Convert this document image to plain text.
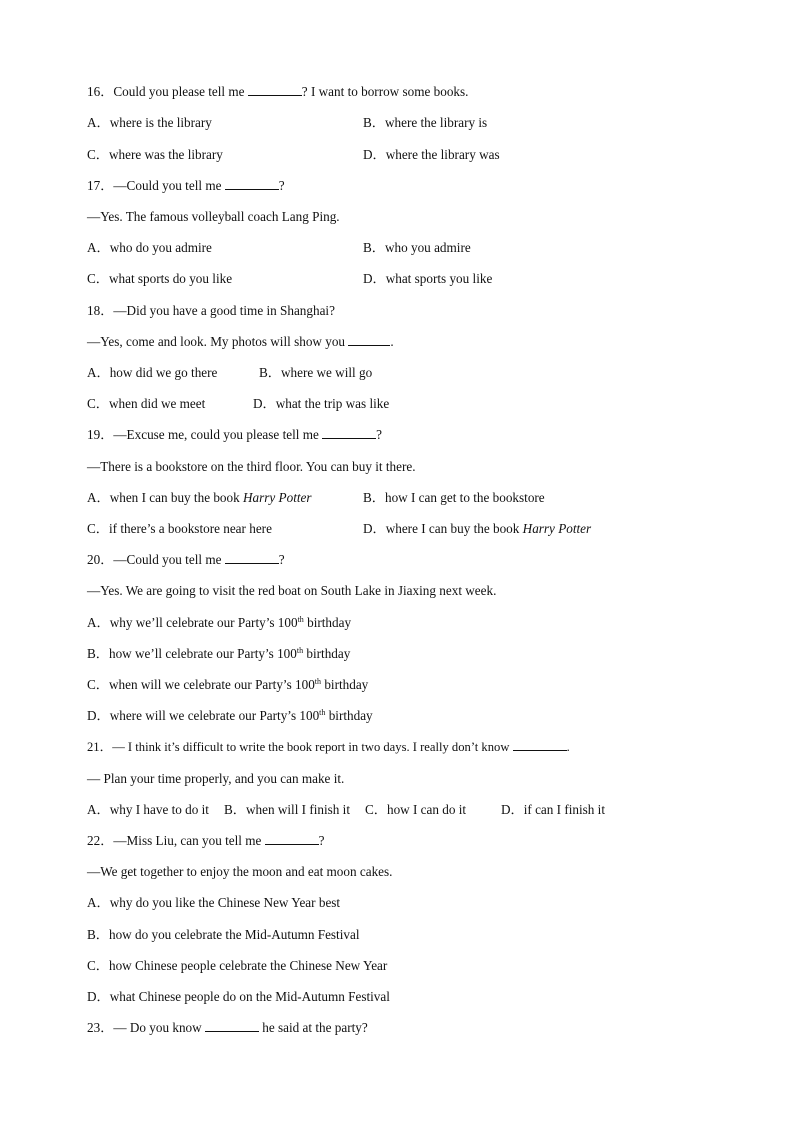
16．Could you please tell me	? I want to borrow some books.
A．where is the library	B．where the library is
C．where was the library	D．where the library was
17．—Could you tell me	?
—Yes. The famous volleyball coach Lang Ping.
A．who do you admire	B．who you admire
C．what sports do you like	D．what sports you like
18．—Did you have a good time in Shanghai?
—Yes, come and look. My photos will show you	.
A．how did we go there	B．where we will go
C．when did we meet	D．what the trip was like
19．—Excuse me, could you please tell me	?
—There is a bookstore on the third floor. You can buy it there.
A．when I can buy the book Harry Potter	B．how I can get to the bookstore
C．if there’s a bookstore near here	D．where I can buy the book Harry Potter
20．—Could you tell me	?
—Yes. We are going to visit the red boat on South Lake in Jiaxing next week.
A．why we’ll celebrate our Party’s 100th birthday
B．how we’ll celebrate our Party’s 100th birthday
C．when will we celebrate our Party’s 100th birthday
D．where will we celebrate our Party’s 100th birthday
21．— I think it’s difficult to write the book report in two days. I really don’t know	.
— Plan your time properly, and you can make it.
A．why I have to do it B．when will I finish it C．how I can do it	D．if can I finish it
22．—Miss Liu, can you tell me	?
—We get together to enjoy the moon and eat moon cakes.
A．why do you like the Chinese New Year best
B．how do you celebrate the Mid-Autumn Festival
C．how Chinese people celebrate the Chinese New Year
D．what Chinese people do on the Mid-Autumn Festival
23．— Do you know	he said at the party?
